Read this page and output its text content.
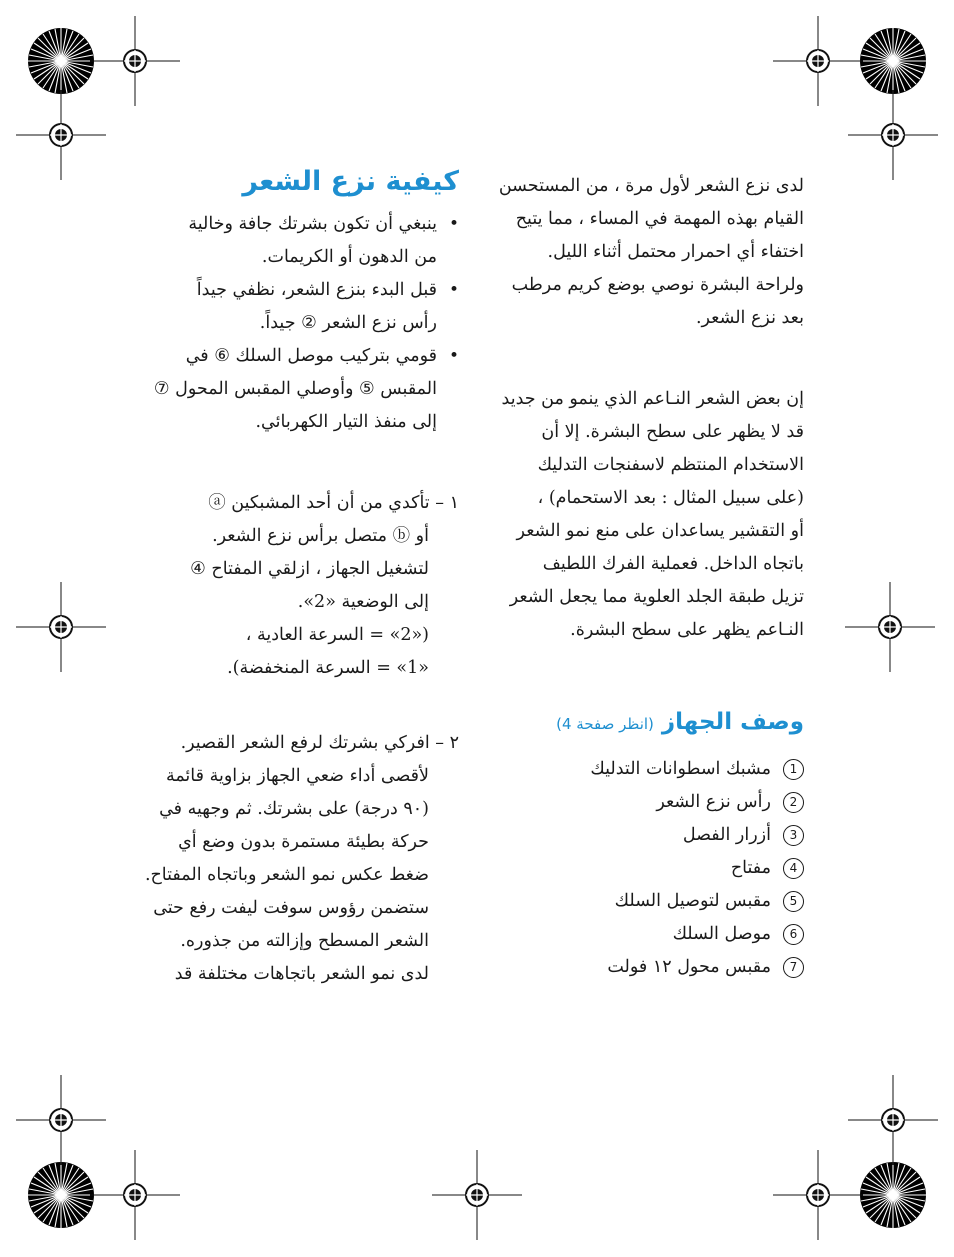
لدى نزع الشعر لأول مرة ، من المستحسن

القيام بهذه المهمة في المساء ، مما يتيح

اختفاء أي احمرار محتمل أثناء الليل.

ولراحة البشرة نوصي بوضع كريم مرطب

بعد نزع الشعر.

إن بعض الشعر النـاعم الذي ينمو من جديد

قد لا يظهر على سطح البشرة. إلا أن

الاستخدام المنتظم لاسفنجات التدليك

(على سبيل المثال : بعد الاستحمام) ،

أو التقشير يساعدان على منع نمو الشعر

باتجاه الداخل. فعملية الفرك اللطيف

تزيل طبقة الجلد العلوية مما يجعل الشعر

النـاعم يظهر على سطح البشرة.

وصف الجهاز (انظر صفحة 4)
1
مشبك اسطوانات التدليك
2
رأس نزع الشعر
3
أزرار الفصل
4
مفتاح
5
مقبس لتوصيل السلك
6
موصل السلك
7
مقبس محول ١٢ فولت
كيفية نزع الشعر

• ينبغي أن تكون بشرتك جافة وخالية

من الدهون أو الكريمات.

• قبل البدء بنزع الشعر، نظفي جيداً

رأس نزع الشعر ② جيداً.

• قومي بتركيب موصل السلك ⑥ في

المقبس ⑤ وأوصلي المقبس المحول ⑦

إلى منفذ التيار الكهربائي.

١ – تأكدي من أن أحد المشبكين ⓐ

أو ⓑ متصل برأس نزع الشعر.

لتشغيل الجهاز ، ازلقي المفتاح ④

إلى الوضعية «2».

(«2» = السرعة العادية ،

«1» = السرعة المنخفضة).

٢ – افركي بشرتك لرفع الشعر القصير.

لأقصى أداء ضعي الجهاز بزاوية قائمة

(٩٠ درجة) على بشرتك. ثم وجهيه في

حركة بطيئة مستمرة بدون وضع أي

ضغط عكس نمو الشعر وباتجاه المفتاح.

ستضمن رؤوس سوفت ليفت رفع حتى

الشعر المسطح وإزالته من جذوره.

لدى نمو الشعر باتجاهات مختلفة قد
